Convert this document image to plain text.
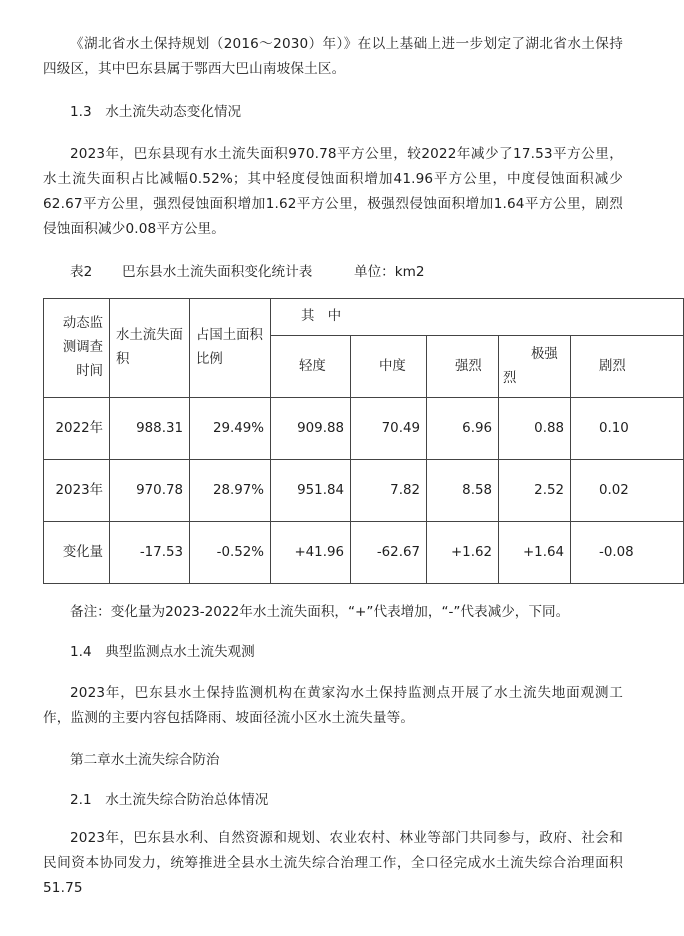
《湖北省水土保持规划（2016～2030）年）》在以上基础上进一步划定了湖北省水土保持四级区，其中巴东县属于鄂西大巴山南坡保土区。
1.3　水土流失动态变化情况
2023年，巴东县现有水土流失面积970.78平方公里，较2022年减少了17.53平方公里，水土流失面积占比减幅0.52%；其中轻度侵蚀面积增加41.96平方公里，中度侵蚀面积减少62.67平方公里，强烈侵蚀面积增加1.62平方公里，极强烈侵蚀面积增加1.64平方公里，剧烈侵蚀面积减少0.08平方公里。
表2 巴东县水土流失面积变化统计表	单位：km2
动态监测调查时间	水土流失面积	占国土面积比例	其　中				
			轻度	中度	强烈	极强烈	剧烈
2022年	988.31	29.49%	909.88	70.49	6.96	0.88	0.10
2023年	970.78	28.97%	951.84	7.82	8.58	2.52	0.02
变化量	-17.53	-0.52%	+41.96	-62.67	+1.62	+1.64	-0.08
备注：变化量为2023-2022年水土流失面积，“+”代表增加，“-”代表减少，下同。
1.4　典型监测点水土流失观测
2023年，巴东县水土保持监测机构在黄家沟水土保持监测点开展了水土流失地面观测工作，监测的主要内容包括降雨、坡面径流小区水土流失量等。
第二章水土流失综合防治
2.1　水土流失综合防治总体情况
2023年，巴东县水利、自然资源和规划、农业农村、林业等部门共同参与，政府、社会和民间资本协同发力，统筹推进全县水土流失综合治理工作，全口径完成水土流失综合治理面积51.75
